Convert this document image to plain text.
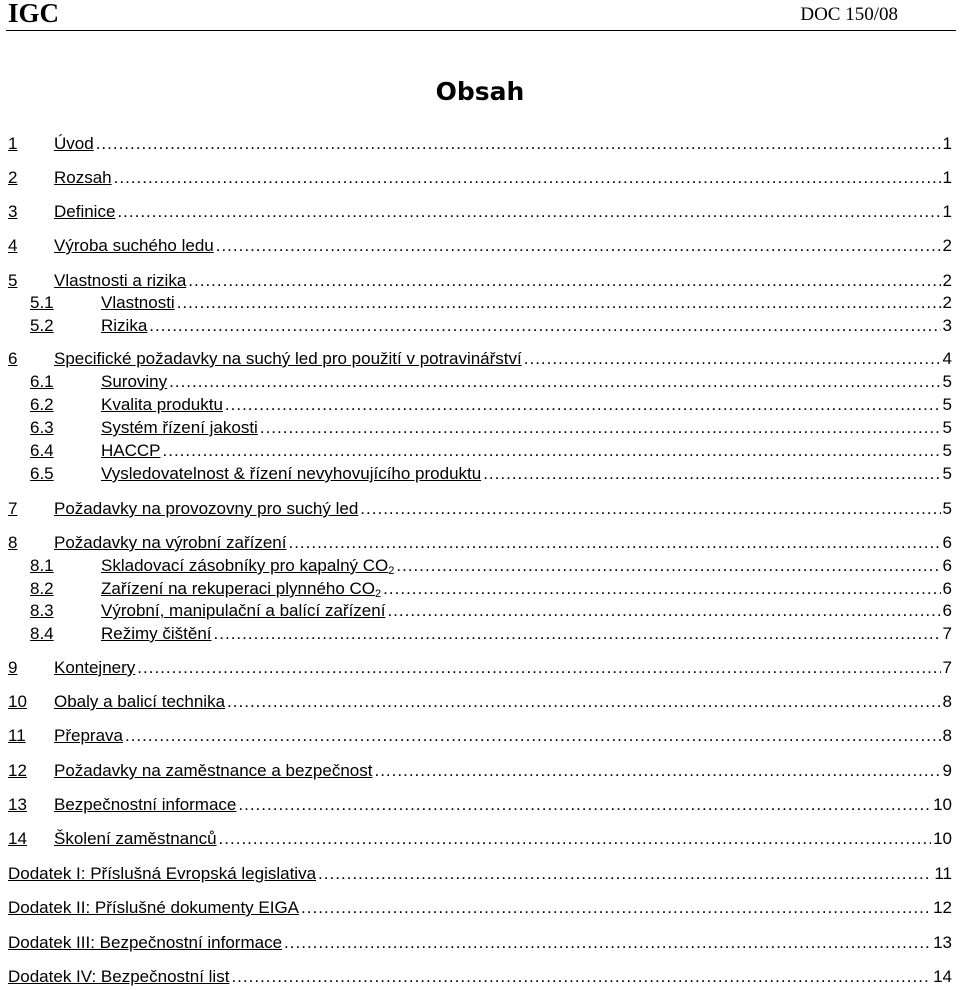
IGC	DOC 150/08
Obsah
1 Úvod .....	1
2 Rozsah .....	1
3 Definice .....	1
4 Výroba suchého ledu .....	2
5 Vlastnosti a rizika .....	2
5.1	Vlastnosti .....	2
5.2	Rizika .....	3
6 Specifické požadavky na suchý led pro použití v potravinářství .....	4
6.1	Suroviny .....	5
6.2	Kvalita produktu .....	5
6.3	Systém řízení jakosti .....	5
6.4	HACCP .....	5
6.5	Vysledovatelnost & řízení nevyhovujícího produktu .....	5
7 Požadavky na provozovny pro suchý led .....	5
8 Požadavky na výrobní zařízení .....	6
8.1	Skladovací zásobníky pro kapalný $CO_2$ .....	6
8.2	Zařízení na rekuperaci plynného $CO_2$ .....	6
8.3	Výrobní, manipulační a balící zařízení .....	6
8.4	Režimy čištění .....	7
9 Kontejnery .....	7
10 Obaly a balicí technika .....	8
11 Přeprava .....	8
12 Požadavky na zaměstnance a bezpečnost .....	9
13 Bezpečnostní informace .....	10
14 Školení zaměstnanců .....	10
Dodatek I: Příslušná Evropská legislativa .....	11
Dodatek II: Příslušné dokumenty EIGA .....	12
Dodatek III: Bezpečnostní informace .....	13
Dodatek IV: Bezpečnostní list .....	14
